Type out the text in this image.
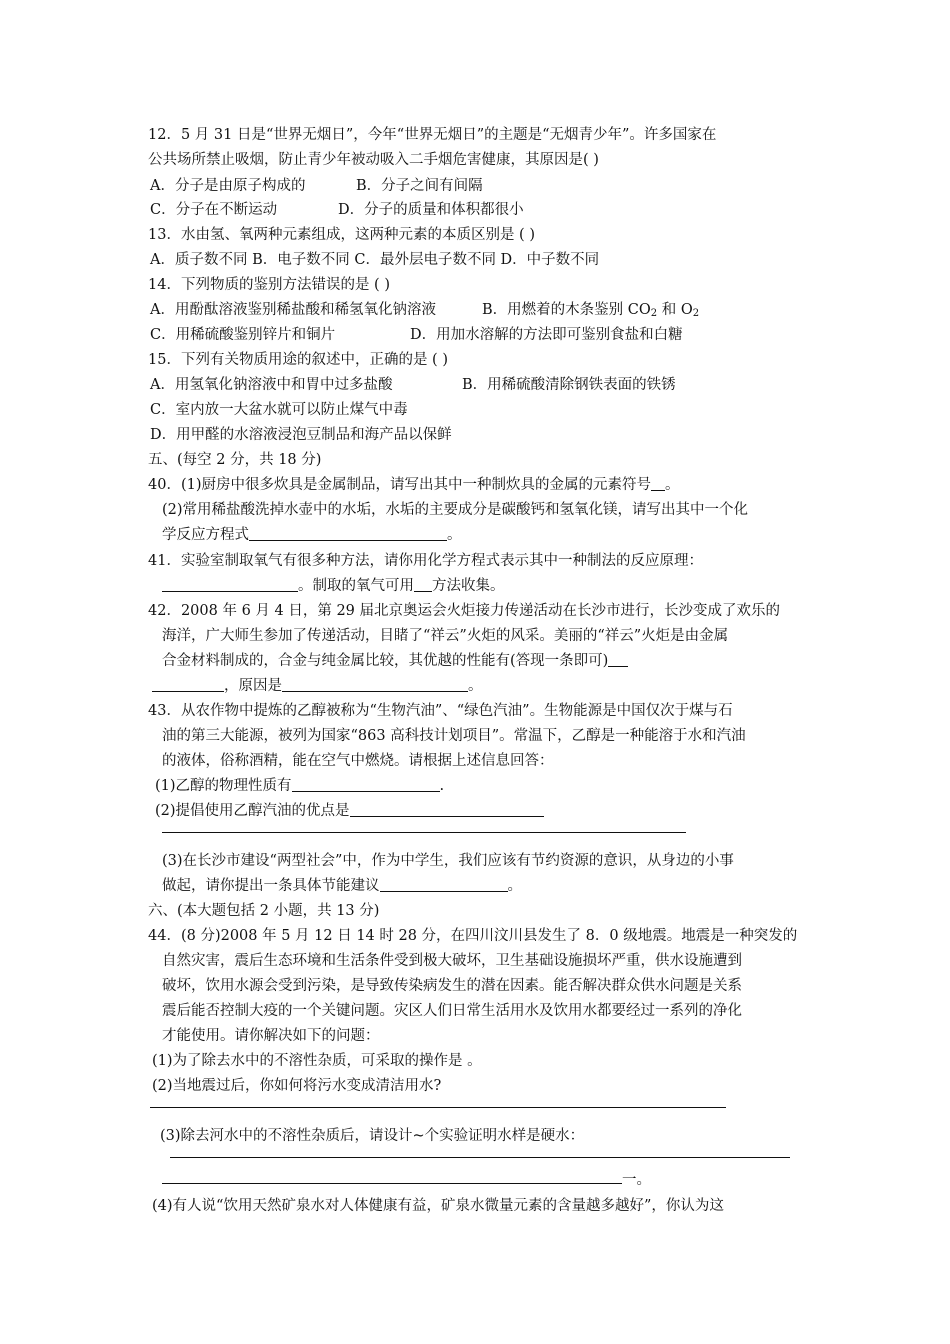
12．5 月 31 日是“世界无烟日”，今年“世界无烟日”的主题是“无烟青少年”。许多国家在
公共场所禁止吸烟，防止青少年被动吸入二手烟危害健康，其原因是( )
A．分子是由原子构成的	B．分子之间有间隔
C．分子在不断运动	D．分子的质量和体积都很小
13．水由氢、氧两种元素组成，这两种元素的本质区别是 ( )
A．质子数不同 B．电子数不同 C．最外层电子数不同 D．中子数不同
14．下列物质的鉴别方法错误的是 ( )
A．用酚酞溶液鉴别稀盐酸和稀氢氧化钠溶液	B．用燃着的木条鉴别 $CO_2$ 和 $O_2$
C．用稀硫酸鉴别锌片和铜片	D．用加水溶解的方法即可鉴别食盐和白糖
15．下列有关物质用途的叙述中，正确的是 ( )
A．用氢氧化钠溶液中和胃中过多盐酸	B．用稀硫酸清除钢铁表面的铁锈
C．室内放一大盆水就可以防止煤气中毒
D．用甲醛的水溶液浸泡豆制品和海产品以保鲜
五、(每空 2 分，共 18 分)
40．(1)厨房中很多炊具是金属制品，请写出其中一种制炊具的金属的元素符号 。
(2)常用稀盐酸洗掉水壶中的水垢，水垢的主要成分是碳酸钙和氢氧化镁，请写出其中一个化
学反应方程式	。
41．实验室制取氧气有很多种方法，请你用化学方程式表示其中一种制法的反应原理：
。制取的氧气可用 方法收集。
42．2008 年 6 月 4 日，第 29 届北京奥运会火炬接力传递活动在长沙市进行，长沙变成了欢乐的
海洋，广大师生参加了传递活动，目睹了“祥云”火炬的风采。美丽的“祥云”火炬是由金属
合金材料制成的，合金与纯金属比较，其优越的性能有(答现一条即可)
，原因是	。
43．从农作物中提炼的乙醇被称为“生物汽油”、“绿色汽油”。生物能源是中国仅次于煤与石
油的第三大能源，被列为国家“863 高科技计划项目”。常温下，乙醇是一种能溶于水和汽油
的液体，俗称酒精，能在空气中燃烧。请根据上述信息回答：
(1)乙醇的物理性质有	.
(2)提倡使用乙醇汽油的优点是
(3)在长沙市建设“两型社会”中，作为中学生，我们应该有节约资源的意识，从身边的小事
做起，请你提出一条具体节能建议	。
六、(本大题包括 2 小题，共 13 分)
44．(8 分)2008 年 5 月 12 日 14 时 28 分，在四川汶川县发生了 8．0 级地震。地震是一种突发的
自然灾害，震后生态环境和生活条件受到极大破坏，卫生基础设施损坏严重，供水设施遭到
破坏，饮用水源会受到污染，是导致传染病发生的潜在因素。能否解决群众供水问题是关系
震后能否控制大疫的一个关键问题。灾区人们日常生活用水及饮用水都要经过一系列的净化
才能使用。请你解决如下的问题：
(1)为了除去水中的不溶性杂质，可采取的操作是 。
(2)当地震过后，你如何将污水变成清洁用水?
(3)除去河水中的不溶性杂质后，请设计~个实验证明水样是硬水：
一。
(4)有人说“饮用天然矿泉水对人体健康有益，矿泉水微量元素的含量越多越好”，你认为这
